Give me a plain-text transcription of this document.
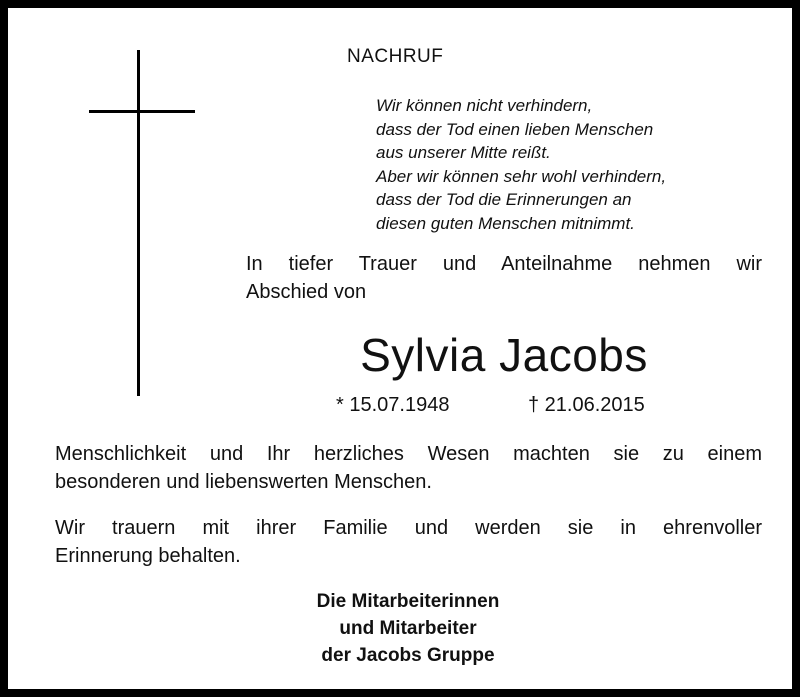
NACHRUF

Wir können nicht verhindern,
dass der Tod einen lieben Menschen
aus unserer Mitte reißt.
Aber wir können sehr wohl verhindern,
dass der Tod die Erinnerungen an
diesen guten Menschen mitnimmt.

In tiefer Trauer und Anteilnahme nehmen wir
Abschied von

Sylvia Jacobs

* 15.07.1948	† 21.06.2015

Menschlichkeit und Ihr herzliches Wesen machten sie zu einem
besonderen und liebenswerten Menschen.

Wir trauern mit ihrer Familie und werden sie in ehrenvoller
Erinnerung behalten.

Die Mitarbeiterinnen
und Mitarbeiter
der Jacobs Gruppe
